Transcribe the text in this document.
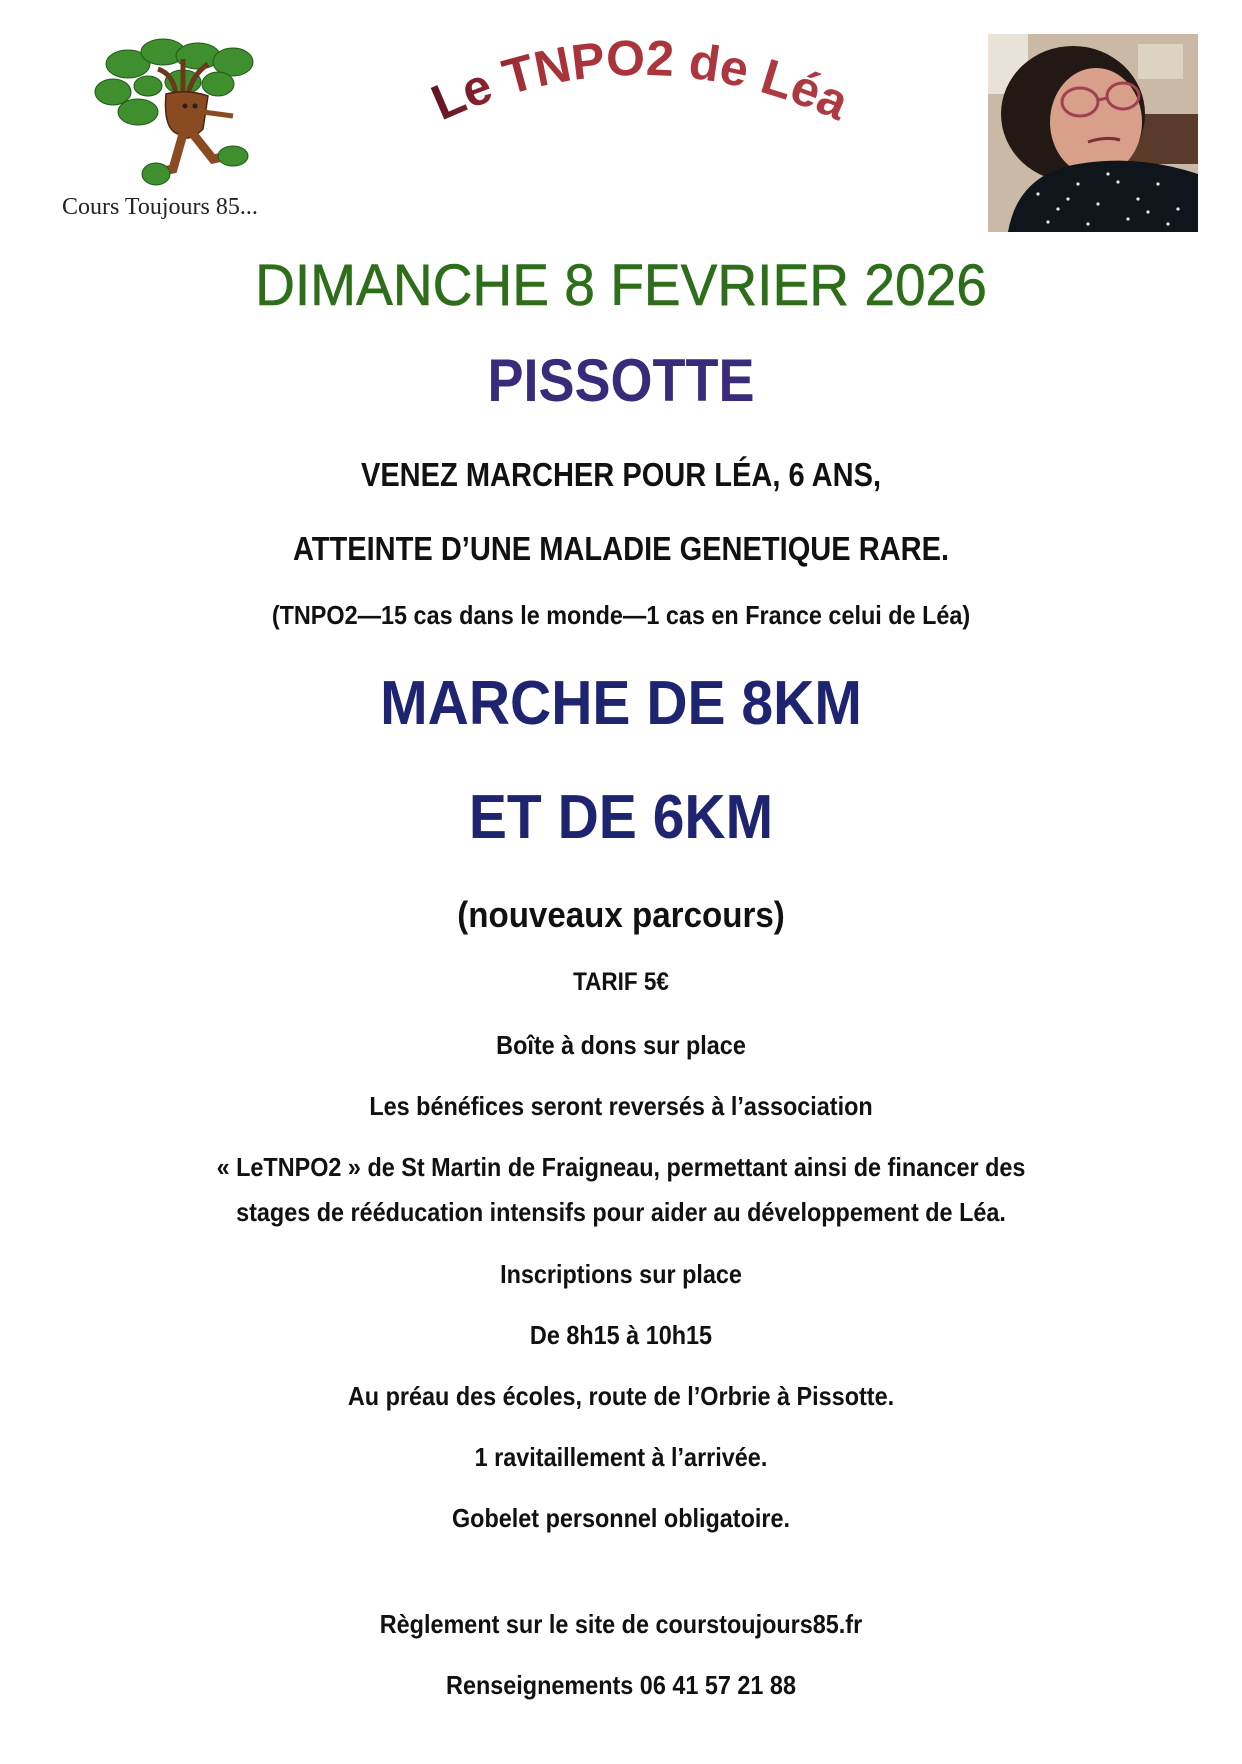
Cours Toujours 85...
Le TNPO2 de Léa
DIMANCHE 8 FEVRIER 2026
PISSOTTE
VENEZ MARCHER POUR LÉA, 6 ANS,
ATTEINTE D’UNE MALADIE GENETIQUE RARE.
(TNPO2—15 cas dans le monde—1 cas en France celui de Léa)
MARCHE DE 8KM
ET DE 6KM
(nouveaux parcours)
TARIF 5€
Boîte à dons sur place
Les bénéfices seront reversés à l’association
« LeTNPO2 » de St Martin de Fraigneau, permettant ainsi de financer des
stages de rééducation intensifs pour aider au développement de Léa.
Inscriptions sur place
De 8h15 à 10h15
Au préau des écoles, route de l’Orbrie à Pissotte.
1 ravitaillement à l’arrivée.
Gobelet personnel obligatoire.
Règlement sur le site de courstoujours85.fr
Renseignements 06 41 57 21 88
